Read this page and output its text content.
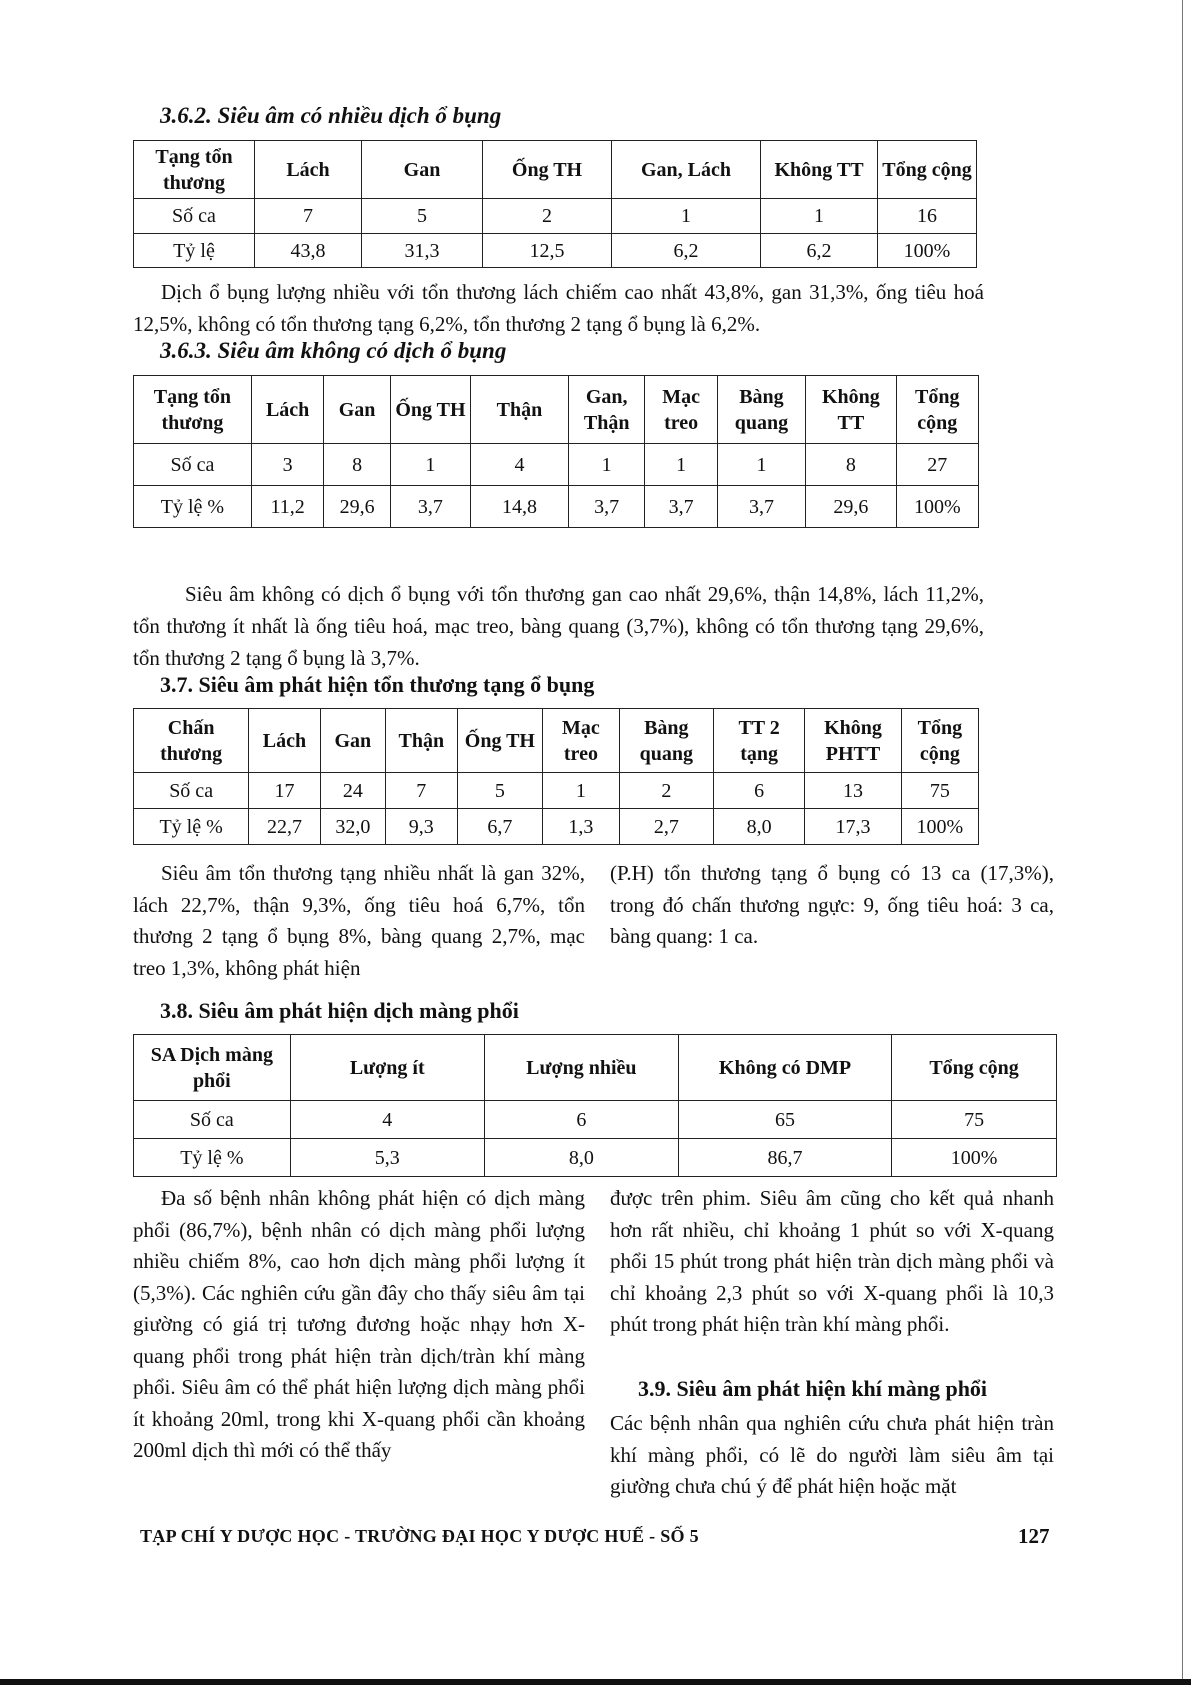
3.6.2. Siêu âm có nhiều dịch ổ bụng
Tạng tổn thương	Lách	Gan	Ống TH	Gan, Lách	Không TT	Tổng cộng
Số ca	7	5	2	1	1	16
Tỷ lệ	43,8	31,3	12,5	6,2	6,2	100%
Dịch ổ bụng lượng nhiều với tổn thương lách chiếm cao nhất 43,8%, gan 31,3%, ống tiêu hoá 12,5%, không có tổn thương tạng 6,2%, tổn thương 2 tạng ổ bụng là 6,2%.
3.6.3. Siêu âm không có dịch ổ bụng
Tạng tổn thương	Lách	Gan	Ống TH	Thận	Gan, Thận	Mạc treo	Bàng quang	Không TT	Tổng cộng
Số ca	3	8	1	4	1	1	1	8	27
Tỷ lệ %	11,2	29,6	3,7	14,8	3,7	3,7	3,7	29,6	100%
Siêu âm không có dịch ổ bụng với tổn thương gan cao nhất 29,6%, thận 14,8%, lách 11,2%, tổn thương ít nhất là ống tiêu hoá, mạc treo, bàng quang (3,7%), không có tổn thương tạng 29,6%, tổn thương 2 tạng ổ bụng là 3,7%.
3.7. Siêu âm phát hiện tổn thương tạng ổ bụng
Chấn thương	Lách	Gan	Thận	Ống TH	Mạc treo	Bàng quang	TT 2 tạng	Không PHTT	Tổng cộng
Số ca	17	24	7	5	1	2	6	13	75
Tỷ lệ %	22,7	32,0	9,3	6,7	1,3	2,7	8,0	17,3	100%
Siêu âm tổn thương tạng nhiều nhất là gan 32%, lách 22,7%, thận 9,3%, ống tiêu hoá 6,7%, tổn thương 2 tạng ổ bụng 8%, bàng quang 2,7%, mạc treo 1,3%, không phát hiện
(P.H) tổn thương tạng ổ bụng có 13 ca (17,3%), trong đó chấn thương ngực: 9, ống tiêu hoá: 3 ca, bàng quang: 1 ca.
3.8. Siêu âm phát hiện dịch màng phổi
SA Dịch màng phổi	Lượng ít	Lượng nhiều	Không có DMP	Tổng cộng
Số ca	4	6	65	75
Tỷ lệ %	5,3	8,0	86,7	100%
Đa số bệnh nhân không phát hiện có dịch màng phổi (86,7%), bệnh nhân có dịch màng phổi lượng nhiều chiếm 8%, cao hơn dịch màng phổi lượng ít (5,3%). Các nghiên cứu gần đây cho thấy siêu âm tại giường có giá trị tương đương hoặc nhạy hơn X-quang phổi trong phát hiện tràn dịch/tràn khí màng phổi. Siêu âm có thể phát hiện lượng dịch màng phổi ít khoảng 20ml, trong khi X-quang phổi cần khoảng 200ml dịch thì mới có thể thấy
được trên phim. Siêu âm cũng cho kết quả nhanh hơn rất nhiều, chỉ khoảng 1 phút so với X-quang phổi 15 phút trong phát hiện tràn dịch màng phổi và chỉ khoảng 2,3 phút so với X-quang phổi là 10,3 phút trong phát hiện tràn khí màng phổi.
3.9. Siêu âm phát hiện khí màng phổi
Các bệnh nhân qua nghiên cứu chưa phát hiện tràn khí màng phổi, có lẽ do người làm siêu âm tại giường chưa chú ý để phát hiện hoặc mặt
TẠP CHÍ Y DƯỢC HỌC - TRƯỜNG ĐẠI HỌC Y DƯỢC HUẾ - SỐ 5	127
